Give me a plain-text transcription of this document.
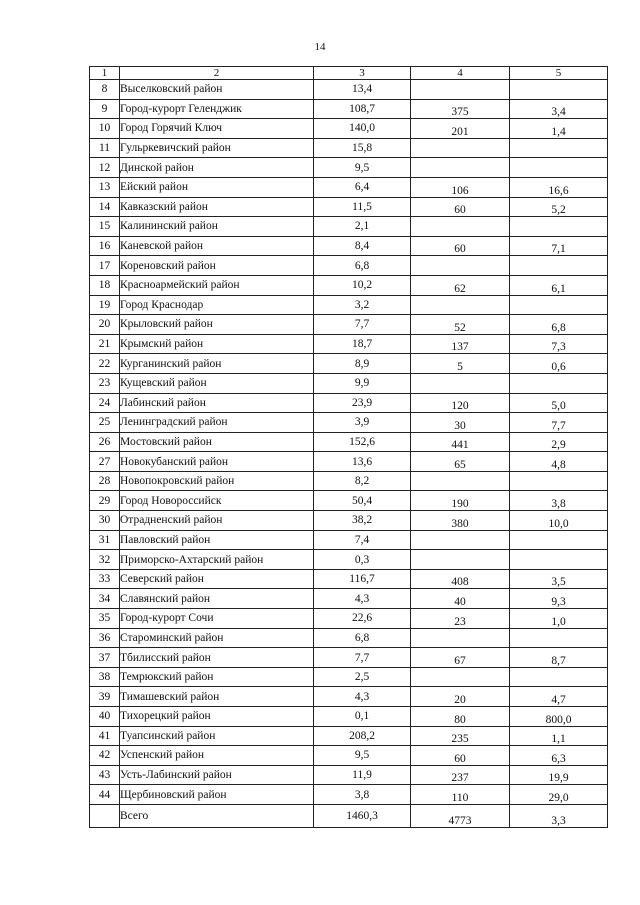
14
1	2	3	4	5
8	Выселковский район	13,4		
9	Город-курорт Геленджик	108,7	375	3,4
10	Город Горячий Ключ	140,0	201	1,4
11	Гульркевичский район	15,8		
12	Динской район	9,5		
13	Ейский район	6,4	106	16,6
14	Кавказский район	11,5	60	5,2
15	Калининский район	2,1		
16	Каневской район	8,4	60	7,1
17	Кореновский район	6,8		
18	Красноармейский район	10,2	62	6,1
19	Город Краснодар	3,2		
20	Крыловский район	7,7	52	6,8
21	Крымский район	18,7	137	7,3
22	Курганинский район	8,9	5	0,6
23	Кущевский район	9,9		
24	Лабинский район	23,9	120	5,0
25	Ленинградский район	3,9	30	7,7
26	Мостовский район	152,6	441	2,9
27	Новокубанский район	13,6	65	4,8
28	Новопокровский район	8,2		
29	Город Новороссийск	50,4	190	3,8
30	Отрадненский район	38,2	380	10,0
31	Павловский район	7,4		
32	Приморско-Ахтарский район	0,3		
33	Северский район	116,7	408	3,5
34	Славянский район	4,3	40	9,3
35	Город-курорт Сочи	22,6	23	1,0
36	Староминский район	6,8		
37	Тбилисский район	7,7	67	8,7
38	Темрюкский район	2,5		
39	Тимашевский район	4,3	20	4,7
40	Тихорецкий район	0,1	80	800,0
41	Туапсинский район	208,2	235	1,1
42	Успенский район	9,5	60	6,3
43	Усть-Лабинский район	11,9	237	19,9
44	Щербиновский район	3,8	110	29,0
	Всего	1460,3	4773	3,3
